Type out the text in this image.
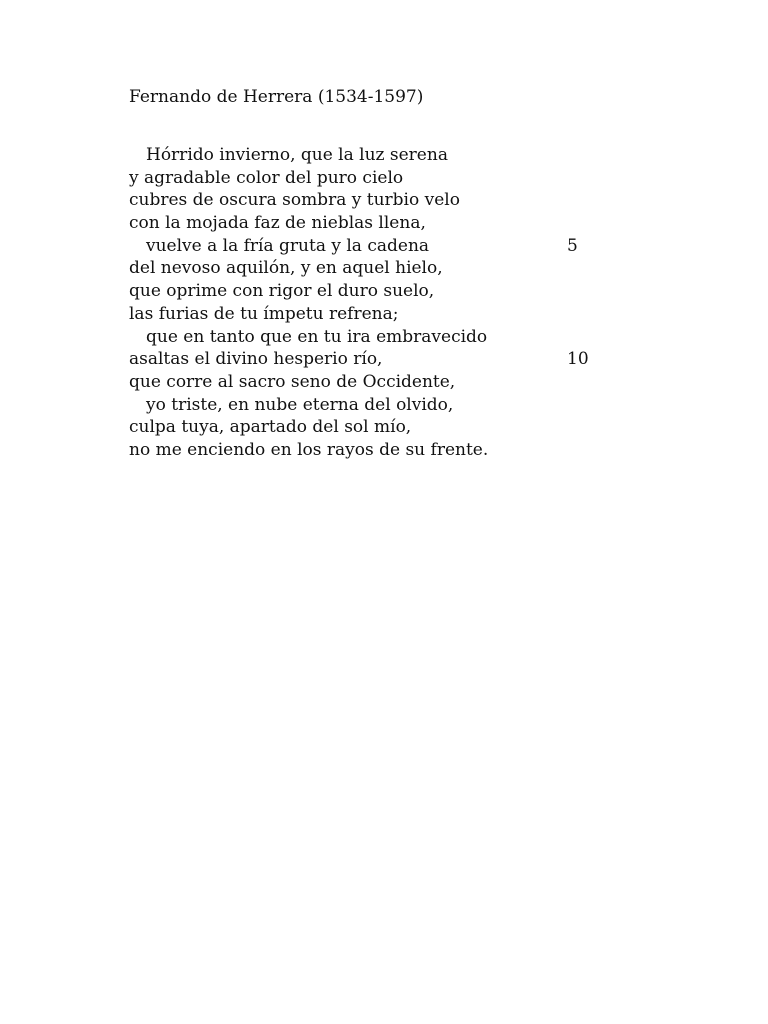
Fernando de Herrera (1534-1597)
Hórrido invierno, que la luz serena
y agradable color del puro cielo
cubres de oscura sombra y turbio velo
con la mojada faz de nieblas llena,
vuelve a la fría gruta y la cadena	5
del nevoso aquilón, y en aquel hielo,
que oprime con rigor el duro suelo,
las furias de tu ímpetu refrena;
que en tanto que en tu ira embravecido
asaltas el divino hesperio río,	10
que corre al sacro seno de Occidente,
yo triste, en nube eterna del olvido,
culpa tuya, apartado del sol mío,
no me enciendo en los rayos de su frente.
